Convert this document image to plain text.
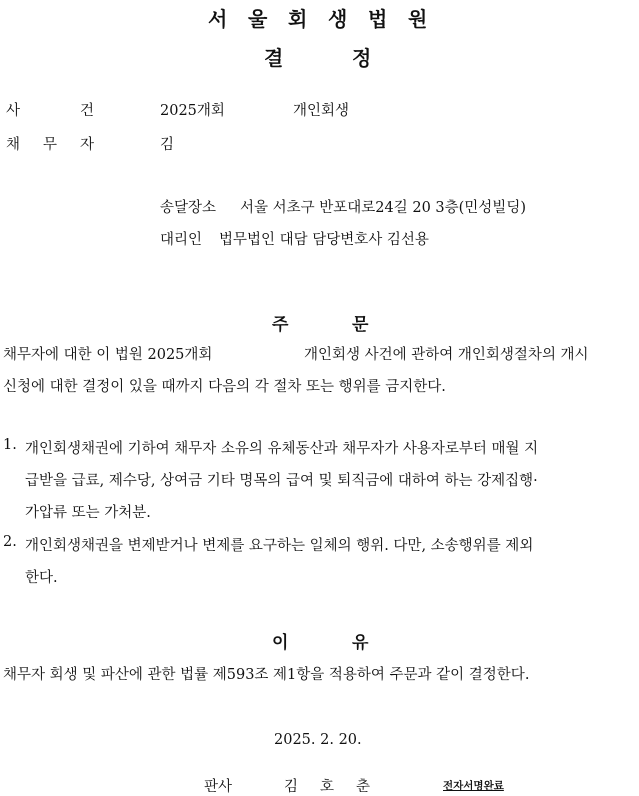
서 울 회 생 법 원
결	정
사	건	2025개회	개인회생
채 무 자	김
송달장소 서울 서초구 반포대로24길 20 3층(민성빌딩)
대리인 법무법인 대담 담당변호사 김선용
주	문
채무자에 대한 이 법원 2025개회	개인회생 사건에 관하여 개인회생절차의 개시
신청에 대한 결정이 있을 때까지 다음의 각 절차 또는 행위를 금지한다.
1. 개인회생채권에 기하여 채무자 소유의 유체동산과 채무자가 사용자로부터 매월 지
급받을 급료, 제수당, 상여금 기타 명목의 급여 및 퇴직금에 대하여 하는 강제집행·
가압류 또는 가처분.
2. 개인회생채권을 변제받거나 변제를 요구하는 일체의 행위. 다만, 소송행위를 제외
한다.
이	유
채무자 회생 및 파산에 관한 법률 제593조 제1항을 적용하여 주문과 같이 결정한다.
2025. 2. 20.
판사	김 호 춘	전자서명완료
